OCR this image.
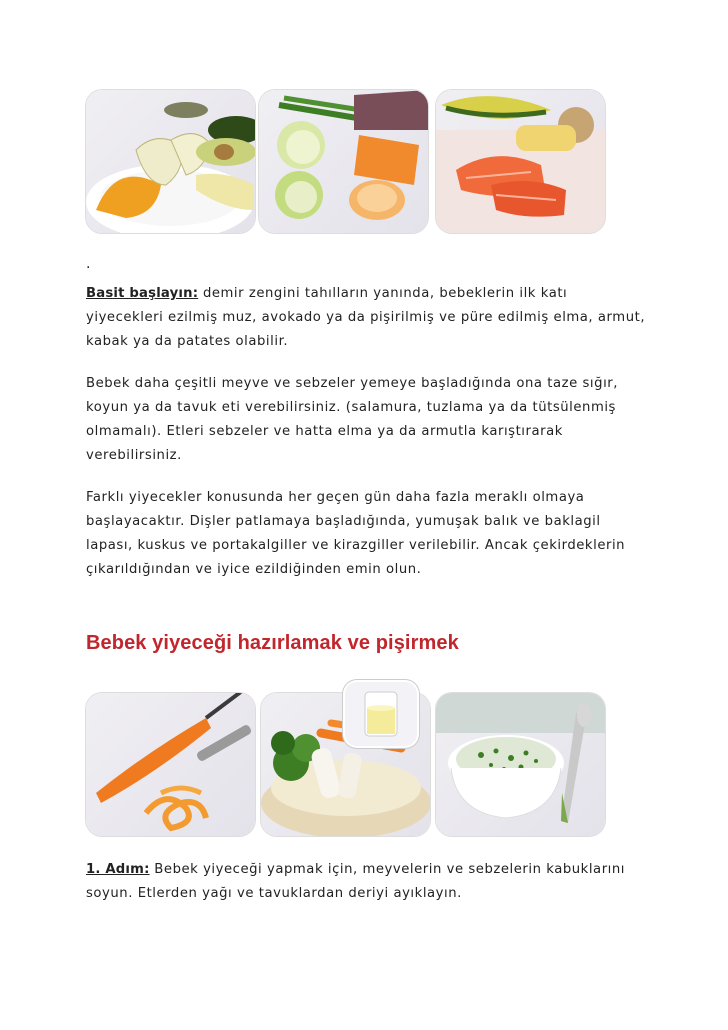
.

Basit başlayın: demir zengini tahılların yanında, bebeklerin ilk katı yiyecekleri ezilmiş muz, avokado ya da pişirilmiş ve püre edilmiş elma, armut, kabak ya da patates olabilir.

Bebek daha çeşitli meyve ve sebzeler yemeye başladığında ona taze sığır, koyun ya da tavuk eti verebilirsiniz. (salamura, tuzlama ya da tütsülenmiş olmamalı). Etleri sebzeler ve hatta elma ya da armutla karıştırarak verebilirsiniz.

Farklı yiyecekler konusunda her geçen gün daha fazla meraklı olmaya başlayacaktır. Dişler patlamaya başladığında, yumuşak balık ve baklagil lapası, kuskus ve portakalgiller ve kirazgiller verilebilir. Ancak çekirdeklerin çıkarıldığından ve iyice ezildiğinden emin olun.

Bebek yiyeceği hazırlamak ve pişirmek

1. Adım: Bebek yiyeceği yapmak için, meyvelerin ve sebzelerin kabuklarını soyun. Etlerden yağı ve tavuklardan deriyi ayıklayın.
